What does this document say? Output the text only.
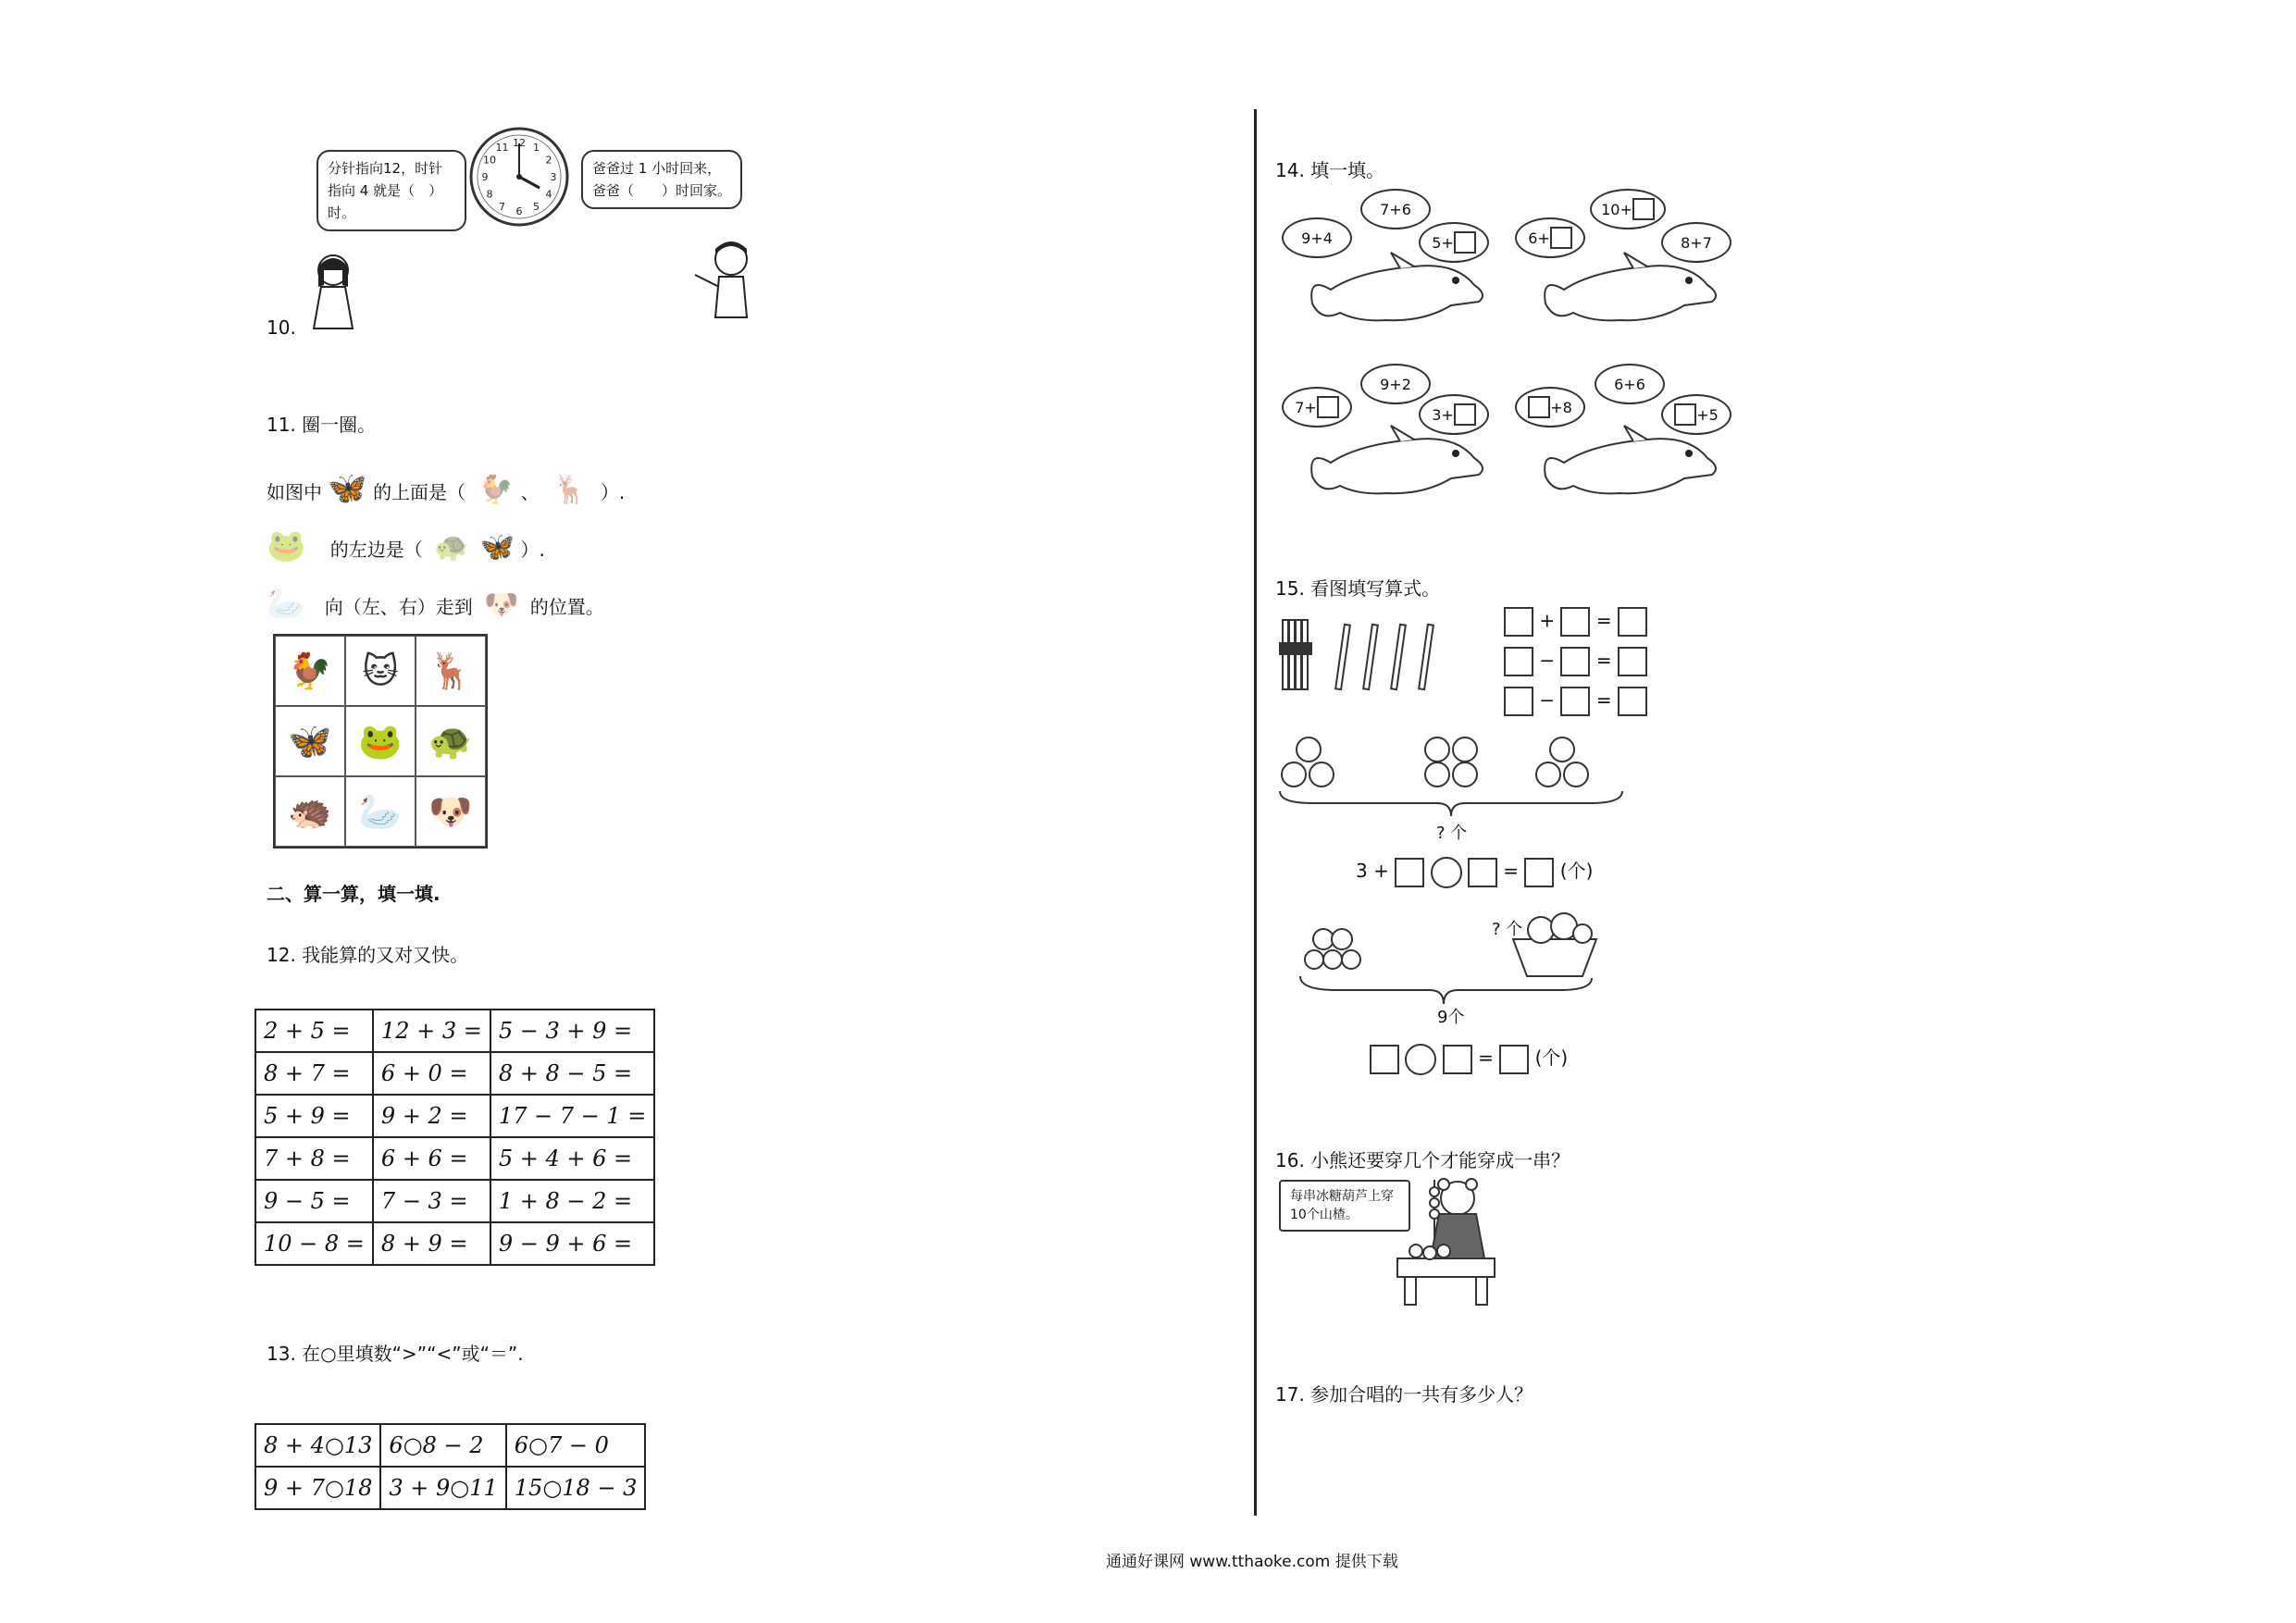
分针指向12，时针指向 4 就是（　）时。
12 1
2
3
4
5
6
7
8
9
10
11
爸爸过 1 小时回来，爸爸（　　）时回家。
10.
11. 圈一圈。
如图中 🦋 的上面是（ 🐓 、 🦌 ）.
🐸 的左边是（ 🐢 🦋 ）.
🦢 向（左、右）走到 🐶 的位置。
🐓 🐱 🦌
🦋 🐸 🐢
🦔 🦢 🐶
二、算一算，填一填.
12. 我能算的又对又快。
2 + 5 =	12 + 3 =	5 − 3 + 9 =
8 + 7 =	6 + 0 =	8 + 8 − 5 =
5 + 9 =	9 + 2 =	17 − 7 − 1 =
7 + 8 =	6 + 6 =	5 + 4 + 6 =
9 − 5 =	7 − 3 =	1 + 8 − 2 =
10 − 8 =	8 + 9 =	9 − 9 + 6 =
13. 在○里填数“>”“<”或“＝”.
8 + 4○13	6○8 − 2	6○7 − 0
9 + 7○18	3 + 9○11	15○18 − 3
14. 填一填。
9+4
7+6
5+	6+
10+
8+7
7+
9+2
3+	+8
6+6
+5
15. 看图填写算式。
+ =
− =
− =
? 个
3 +	= (个)
? 个
9个
= (个)
16. 小熊还要穿几个才能穿成一串？
每串冰糖葫芦上穿10个山楂。
17. 参加合唱的一共有多少人？
通通好课网 www.tthaoke.com 提供下载
